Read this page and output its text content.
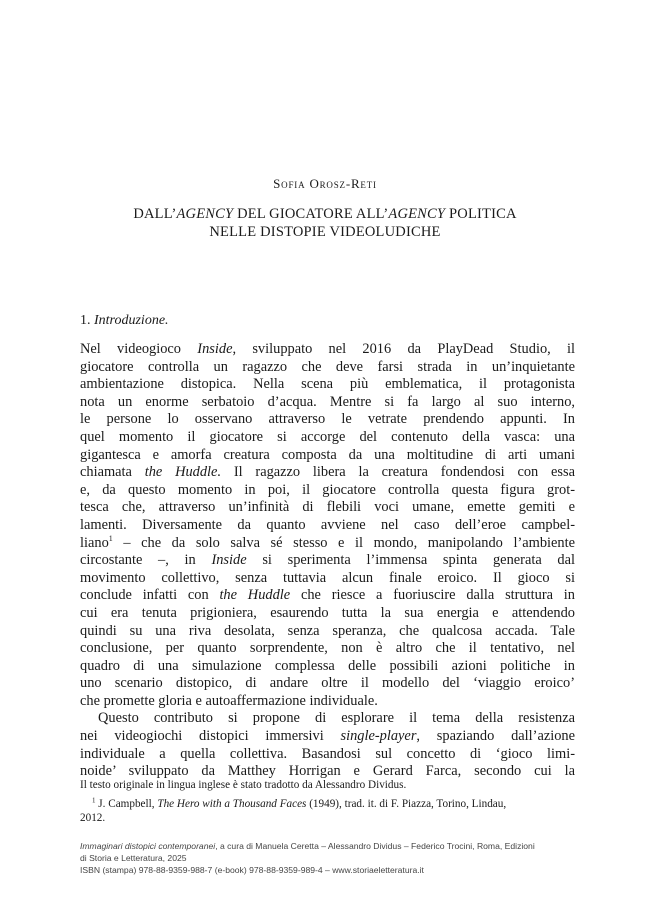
Sofia Orosz-Reti
DALL’AGENCY DEL GIOCATORE ALL’AGENCY POLITICA
NELLE DISTOPIE VIDEOLUDICHE
1. Introduzione.
Nel videogioco Inside, sviluppato nel 2016 da PlayDead Studio, il
giocatore controlla un ragazzo che deve farsi strada in un’inquietante
ambientazione distopica. Nella scena più emblematica, il protagonista
nota un enorme serbatoio d’acqua. Mentre si fa largo al suo interno,
le persone lo osservano attraverso le vetrate prendendo appunti. In
quel momento il giocatore si accorge del contenuto della vasca: una
gigantesca e amorfa creatura composta da una moltitudine di arti umani
chiamata the Huddle. Il ragazzo libera la creatura fondendosi con essa
e, da questo momento in poi, il giocatore controlla questa figura grot-
tesca che, attraverso un’infinità di flebili voci umane, emette gemiti e
lamenti. Diversamente da quanto avviene nel caso dell’eroe campbel-
liano$^1$ – che da solo salva sé stesso e il mondo, manipolando l’ambiente
circostante –, in Inside si sperimenta l’immensa spinta generata dal
movimento collettivo, senza tuttavia alcun finale eroico. Il gioco si
conclude infatti con the Huddle che riesce a fuoriuscire dalla struttura in
cui era tenuta prigioniera, esaurendo tutta la sua energia e attendendo
quindi su una riva desolata, senza speranza, che qualcosa accada. Tale
conclusione, per quanto sorprendente, non è altro che il tentativo, nel
quadro di una simulazione complessa delle possibili azioni politiche in
uno scenario distopico, di andare oltre il modello del ‘viaggio eroico’
che promette gloria e autoaffermazione individuale.
Questo contributo si propone di esplorare il tema della resistenza
nei videogiochi distopici immersivi single-player, spaziando dall’azione
individuale a quella collettiva. Basandosi sul concetto di ‘gioco limi-
noide’ sviluppato da Matthey Horrigan e Gerard Farca, secondo cui la
Il testo originale in lingua inglese è stato tradotto da Alessandro Dividus.
$^1$ J. Campbell, The Hero with a Thousand Faces (1949), trad. it. di F. Piazza, Torino, Lindau,
2012.
Immaginari distopici contemporanei, a cura di Manuela Ceretta – Alessandro Dividus – Federico Trocini, Roma, Edizioni
di Storia e Letteratura, 2025
ISBN (stampa) 978-88-9359-988-7 (e-book) 978-88-9359-989-4 – www.storiaeletteratura.it
